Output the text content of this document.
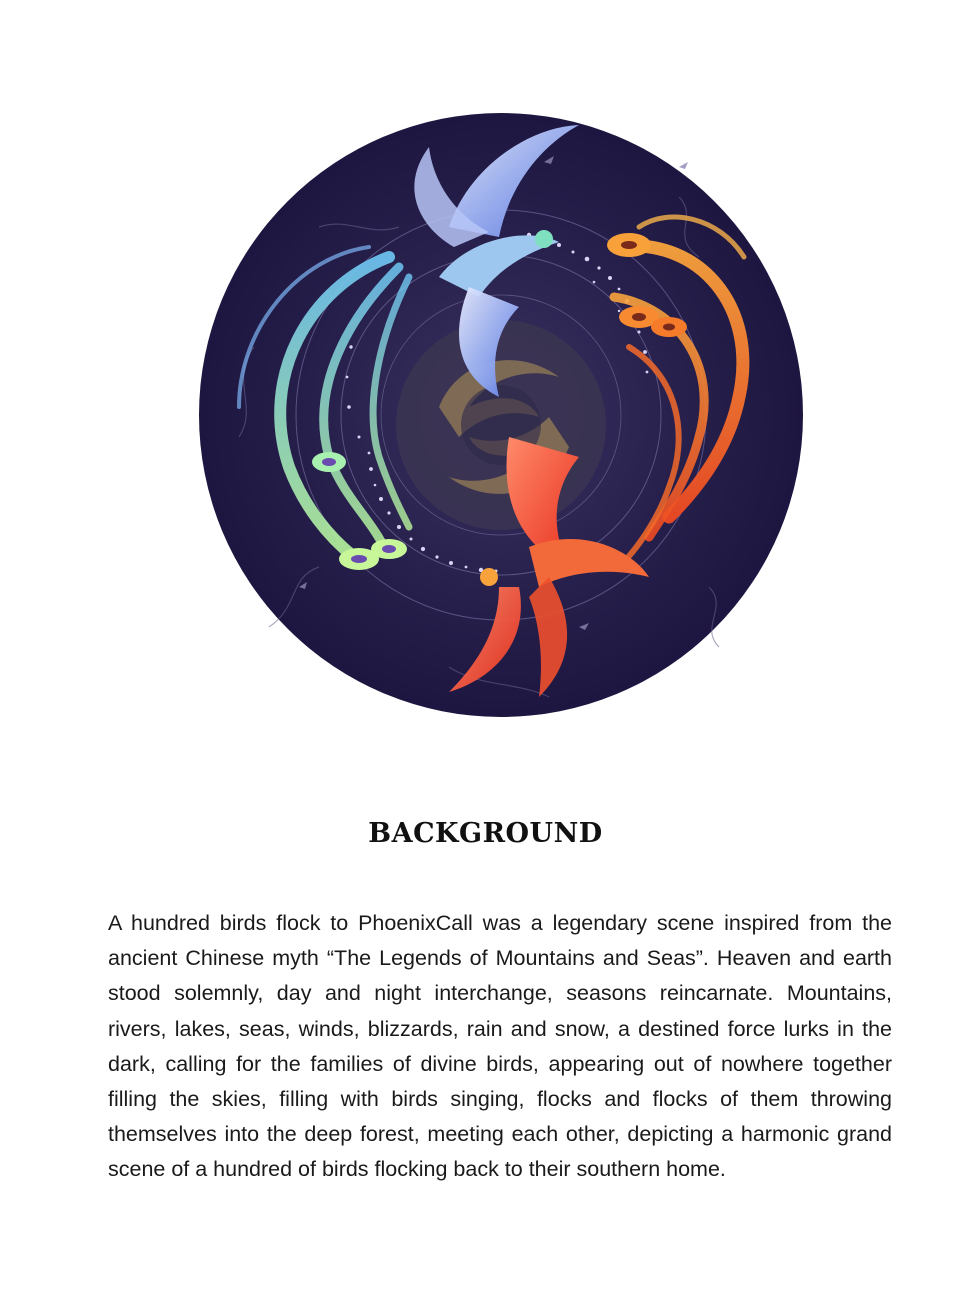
BACKGROUND
A hundred birds flock to PhoenixCall was a legendary scene inspired from the ancient Chinese myth “The Legends of Mountains and Seas”. Heaven and earth stood solemnly, day and night interchange, seasons reincarnate. Mountains, rivers, lakes, seas, winds, blizzards, rain and snow, a destined force lurks in the dark, calling for the families of divine birds, appearing out of nowhere together filling the skies, filling with birds singing, flocks and flocks of them throwing themselves into the deep forest, meeting each other, depicting a harmonic grand scene of a hundred of birds flocking back to their southern home.
